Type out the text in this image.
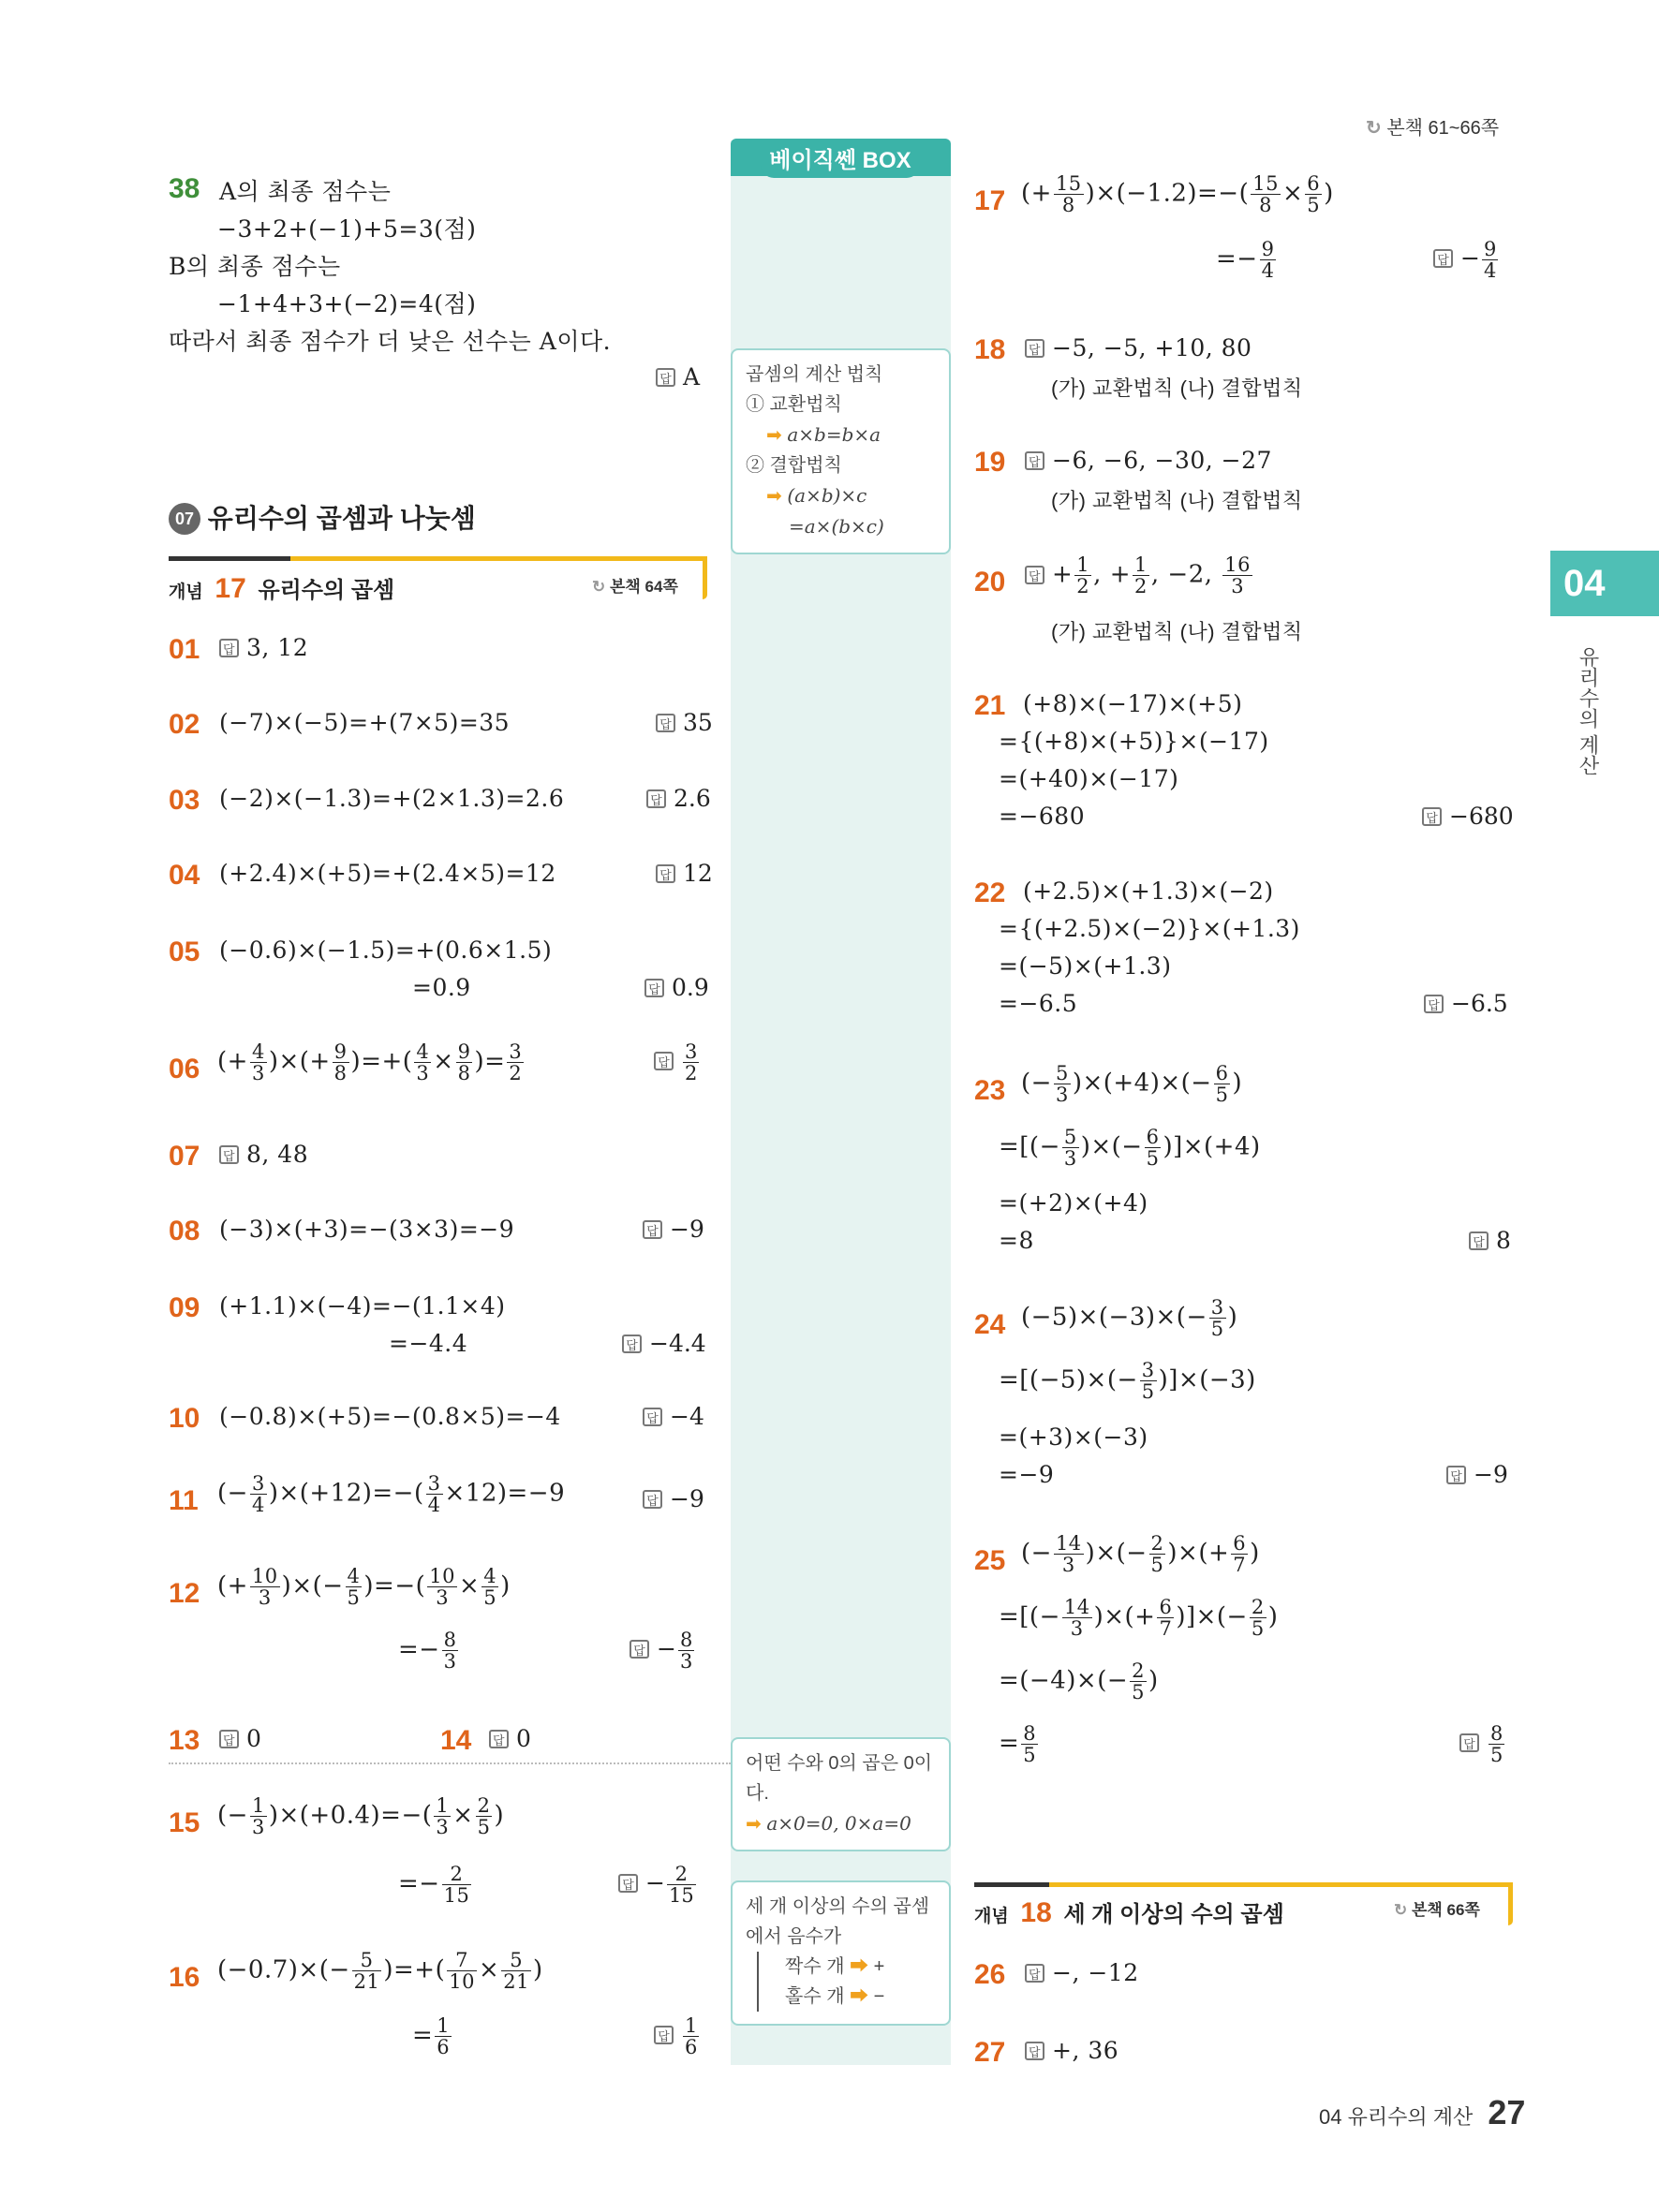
↻ 본책 61~66쪽
베이직쎈 BOX
곱셈의 계산 법칙
① 교환법칙
➡ a×b=b×a
② 결합법칙
➡ (a×b)×c
=a×(b×c)
어떤 수와 0의 곱은 0이
다.
➡ a×0=0, 0×a=0
세 개 이상의 수의 곱셈
에서 음수가
짝수 개 ➡ +
홀수 개 ➡ −
04
유리수의 계산
38 A의 최종 점수는
−3+2+(−1)+5=3(점)
B의 최종 점수는
−1+4+3+(−2)=4(점)
따라서 최종 점수가 더 낮은 선수는 A이다.
답 A
07 유리수의 곱셈과 나눗셈
개념 17 유리수의 곱셈	↻ 본책 64쪽
01	답 3, 12
02 (−7)×(−5)=+(7×5)=35	답 35
03 (−2)×(−1.3)=+(2×1.3)=2.6	답 2.6
04 (+2.4)×(+5)=+(2.4×5)=12	답 12
05 (−0.6)×(−1.5)=+(0.6×1.5)
=0.9	답 0.9
06 (+ $\frac{4}{3}$ )×(+ $\frac{9}{8}$ )=+( $\frac{4}{3} \times \frac{9}{8}$ )= $\frac{3}{2}$	답 $\frac{3}{2}$
07	답 8, 48
08 (−3)×(+3)=−(3×3)=−9	답 −9
09 (+1.1)×(−4)=−(1.1×4)
=−4.4	답 −4.4
10 (−0.8)×(+5)=−(0.8×5)=−4	답 −4
11 (− $\frac{3}{4} )\times(+12)=-( \frac{3}{4} \times 12)=-9$	답 −9
12 (+ $\frac{10}{3}$ )×(− $\frac{4}{5}$ )=−( $\frac{10}{3} \times \frac{4}{5}$ )
=− $\frac{8}{3}$	답 − $\frac{8}{3}$
13	답 0	14	답 0
15 (− $\frac{1}{3} )\times(+0.4)=-( \frac{1}{3} \times \frac{2}{5}$ )
=− $\frac{2}{15}$	답 − $\frac{2}{15}$
16 $(-0.7)\times(- \frac{5}{21}$ )=+( $\frac{7}{10} \times \frac{5}{21}$ )
= $\frac{1}{6}$	답 $\frac{1}{6}$
17 (+ $\frac{15}{8} )\times(-1.2)=-( \frac{15}{8} \times \frac{6}{5}$ )
=− $\frac{9}{4}$	답 − $\frac{9}{4}$
18	답 −5, −5, +10, 80
(가) 교환법칙 (나) 결합법칙
19	답 −6, −6, −30, −27
(가) 교환법칙 (나) 결합법칙
20	답 + $\frac{1}{2}$ , + $\frac{1}{2}$ , −2, $\frac{16}{3}$
(가) 교환법칙 (나) 결합법칙
21 (+8)×(−17)×(+5)
={(+8)×(+5)}×(−17)
=(+40)×(−17)
=−680	답 −680
22 (+2.5)×(+1.3)×(−2)
={(+2.5)×(−2)}×(+1.3)
=(−5)×(+1.3)
=−6.5	답 −6.5
23 (− $\frac{5}{3} )\times(+4)\times(- \frac{6}{5}$ )
=[(− $\frac{5}{3}$ )×(− $\frac{6}{5} )]\times(+4)$
=(+2)×(+4)
=8	답 8
24 $(-5)\times(-3)\times(- \frac{3}{5}$ )
$=[(-5)\times(- \frac{3}{5} )]\times(-3)$
=(+3)×(−3)
=−9	답 −9
25 (− $\frac{14}{3}$ )×(− $\frac{2}{5}$ )×(+ $\frac{6}{7}$ )
=[(− $\frac{14}{3}$ )×(+ $\frac{6}{7}$ )]×(− $\frac{2}{5}$ )
$=(-4)\times(- \frac{2}{5}$ )
= $\frac{8}{5}$	답 $\frac{8}{5}$
개념 18 세 개 이상의 수의 곱셈	↻ 본책 66쪽
26	답 −, −12
27	답 +, 36
04 유리수의 계산 27
